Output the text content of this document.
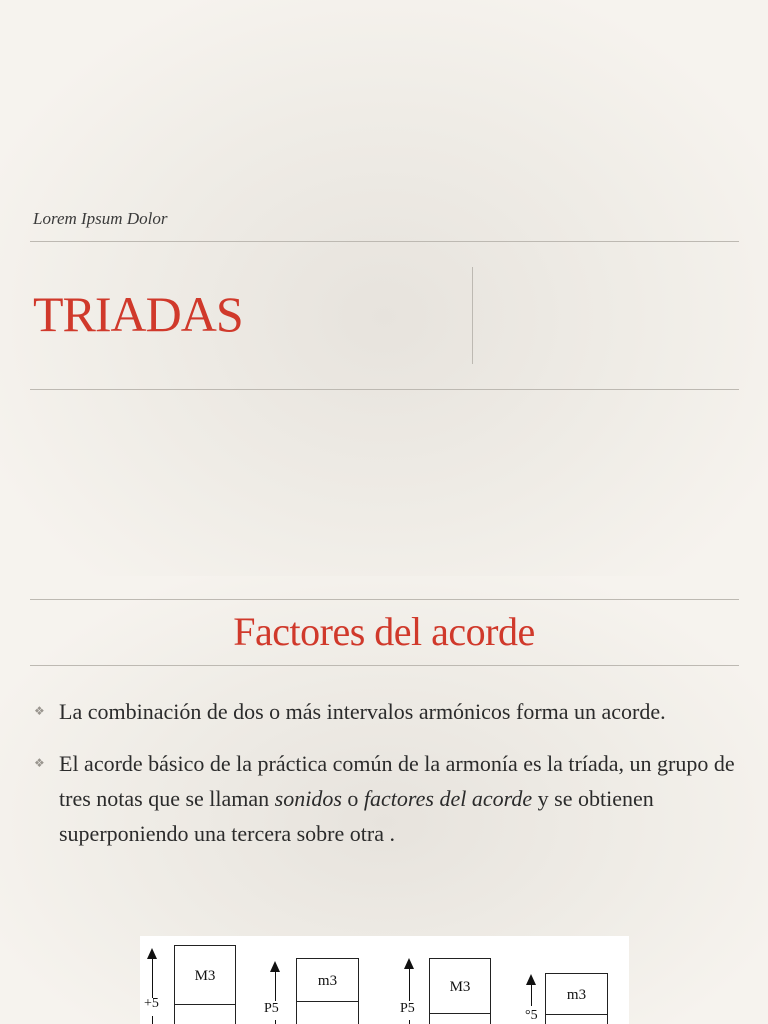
Lorem Ipsum Dolor
TRIADAS
Factores del acorde
❖ La combinación de dos o más intervalos armónicos forma un acorde.
❖ El acorde básico de la práctica común de la armonía es la tríada, un grupo de tres notas que se llaman sonidos o factores del acorde y se obtienen superponiendo una tercera sobre otra .
+5
M3
P5
m3
P5
M3
°5
m3
